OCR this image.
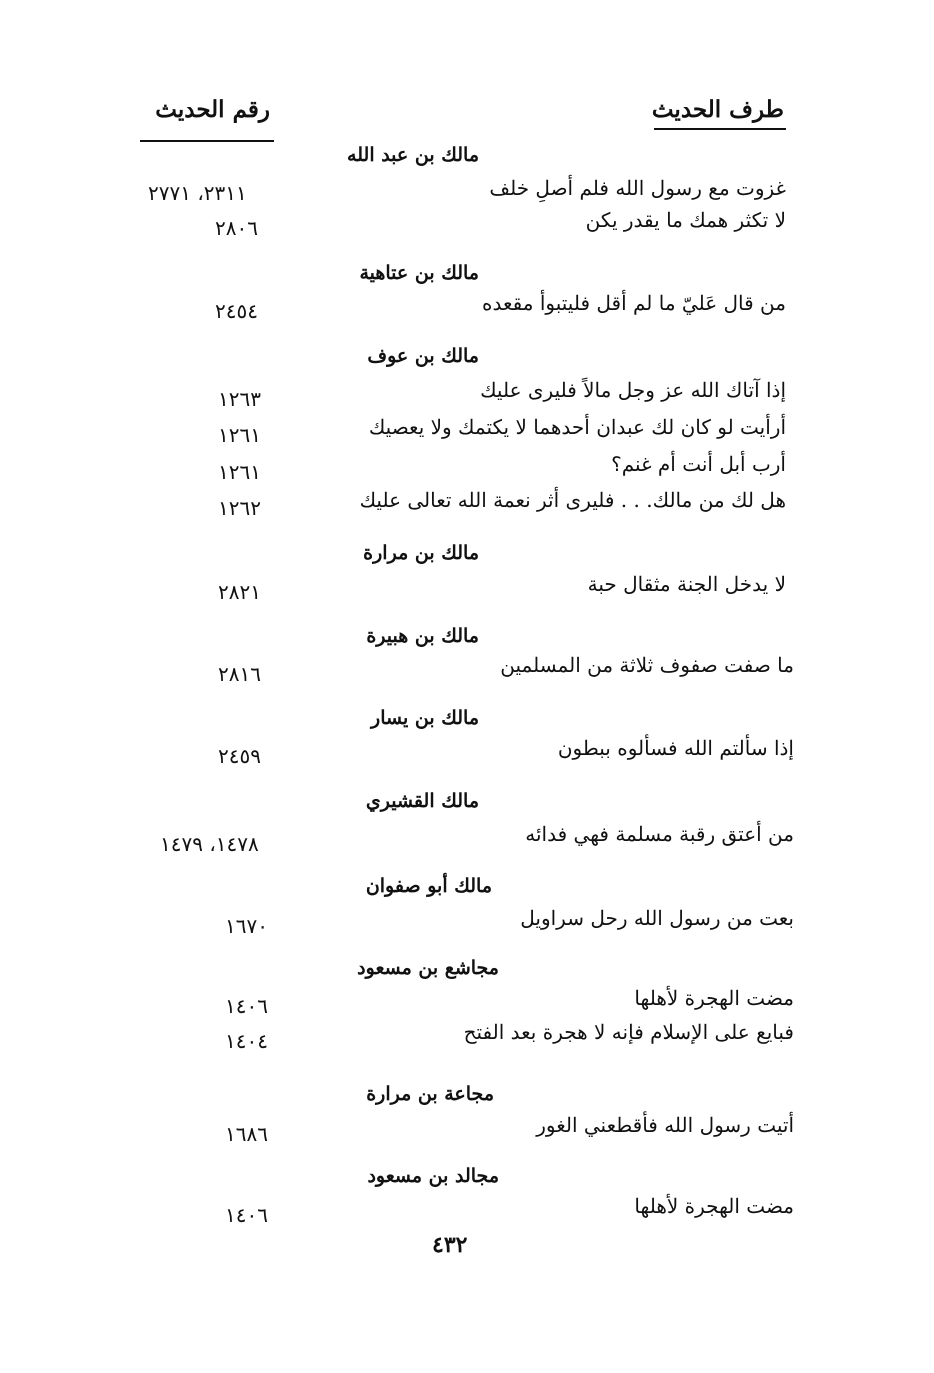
طرف الحديث
رقم الحديث
مالك بن عبد الله
غزوت مع رسول الله فلم أصلِ خلف
٢٣١١، ٢٧٧١
لا تكثر همك ما يقدر يكن
٢٨٠٦
مالك بن عتاهية
من قال عَليّ ما لم أقل فليتبوأ مقعده
٢٤٥٤
مالك بن عوف
إذا آتاك الله عز وجل مالاً فليرى عليك
١٢٦٣
أرأيت لو كان لك عبدان أحدهما لا يكتمك ولا يعصيك
١٢٦١
أرب أبل أنت أم غنم؟
١٢٦١
هل لك من مالك. . . فليرى أثر نعمة الله تعالى عليك
١٢٦٢
مالك بن مرارة
لا يدخل الجنة مثقال حبة
٢٨٢١
مالك بن هبيرة
ما صفت صفوف ثلاثة من المسلمين
٢٨١٦
مالك بن يسار
إذا سألتم الله فسألوه ببطون
٢٤٥٩
مالك القشيري
من أعتق رقبة مسلمة فهي فدائه
١٤٧٨، ١٤٧٩
مالك أبو صفوان
بعت من رسول الله رحل سراويل
١٦٧٠
مجاشع بن مسعود
مضت الهجرة لأهلها
١٤٠٦
فبايع على الإسلام فإنه لا هجرة بعد الفتح
١٤٠٤
مجاعة بن مرارة
أتيت رسول الله فأقطعني الغور
١٦٨٦
مجالد بن مسعود
مضت الهجرة لأهلها
١٤٠٦
٤٣٢
